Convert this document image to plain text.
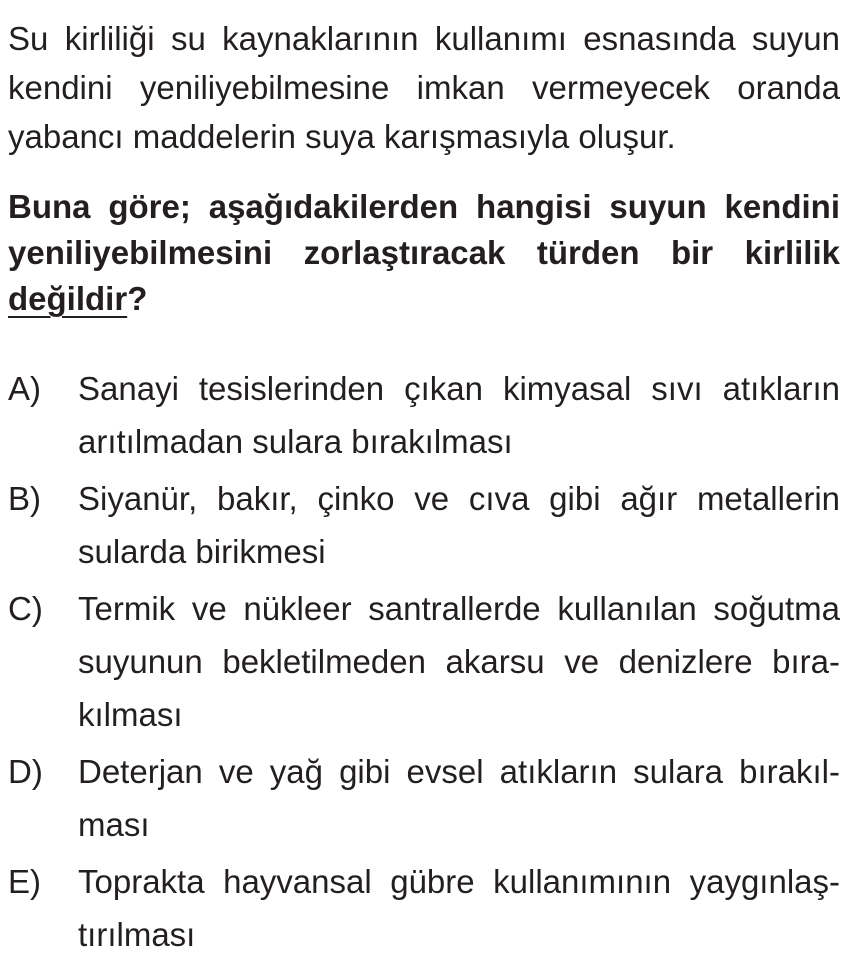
Su kirliliği su kaynaklarının kullanımı esnasında suyun kendini yeniliyebilmesine imkan vermeyecek oranda yabancı maddelerin suya karışmasıyla oluşur.

Buna göre; aşağıdakilerden hangisi suyun kendini yeniliyebilmesini zorlaştıracak türden bir kirlilik değildir?

A)	Sanayi tesislerinden çıkan kimyasal sıvı atıkların arıtılmadan sulara bırakılması
B)	Siyanür, bakır, çinko ve cıva gibi ağır metallerin sularda birikmesi
C)	Termik ve nükleer santrallerde kullanılan soğutma suyunun bekletilmeden akarsu ve denizlere bırakılması
D)	Deterjan ve yağ gibi evsel atıkların sulara bırakılması
E)	Toprakta hayvansal gübre kullanımının yaygınlaştırılması
